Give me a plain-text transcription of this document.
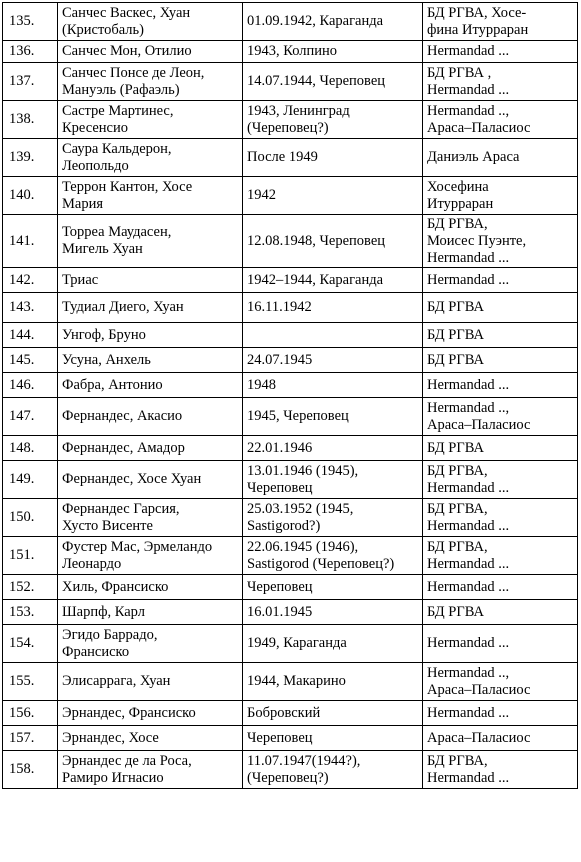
135.	Санчес Васкес, Хуан
(Кристобаль)	01.09.1942, Караганда	БД РГВА, Хосе-
фина Итурраран
136.	Санчес Мон, Отилио	1943, Колпино	Hermandad ...
137.	Санчес Понсе де Леон,
Мануэль (Рафаэль)	14.07.1944, Череповец	БД РГВА ,
Hermandad ...
138.	Састре Мартинес,
Кресенсио	1943, Ленинград
(Череповец?)	Hermandad ..,
Араса–Паласиос
139.	Саура Кальдерон,
Леопольдо	После 1949	Даниэль Араса
140.	Террон Кантон, Хосе
Мария	1942	Хосефина
Итурраран
141.	Торреа Маудасен,
Мигель Хуан	12.08.1948, Череповец	БД РГВА,
Моисес Пуэнте,
Hermandad ...
142.	Триас	1942–1944, Караганда	Hermandad ...
143.	Тудиал Диего, Хуан	16.11.1942	БД РГВА
144.	Унгоф, Бруно		БД РГВА
145.	Усуна, Анхель	24.07.1945	БД РГВА
146.	Фабра, Антонио	1948	Hermandad ...
147.	Фернандес, Акасио	1945, Череповец	Hermandad ..,
Араса–Паласиос
148.	Фернандес, Амадор	22.01.1946	БД РГВА
149.	Фернандес, Хосе Хуан	13.01.1946 (1945),
Череповец	БД РГВА,
Hermandad ...
150.	Фернандес Гарсия,
Хусто Висенте	25.03.1952 (1945,
Sastigorod?)	БД РГВА,
Hermandad ...
151.	Фустер Мас, Эрмеландо
Леонардо	22.06.1945 (1946),
Sastigorod (Череповец?)	БД РГВА,
Hermandad ...
152.	Хиль, Франсиско	Череповец	Hermandad ...
153.	Шарпф, Карл	16.01.1945	БД РГВА
154.	Эгидо Баррадо,
Франсиско	1949, Караганда	Hermandad ...
155.	Элисаррага, Хуан	1944, Макарино	Hermandad ..,
Араса–Паласиос
156.	Эрнандес, Франсиско	Бобровский	Hermandad ...
157.	Эрнандес, Хосе	Череповец	Араса–Паласиос
158.	Эрнандес де ла Роса,
Рамиро Игнасио	11.07.1947(1944?),
(Череповец?)	БД РГВА,
Hermandad ...
